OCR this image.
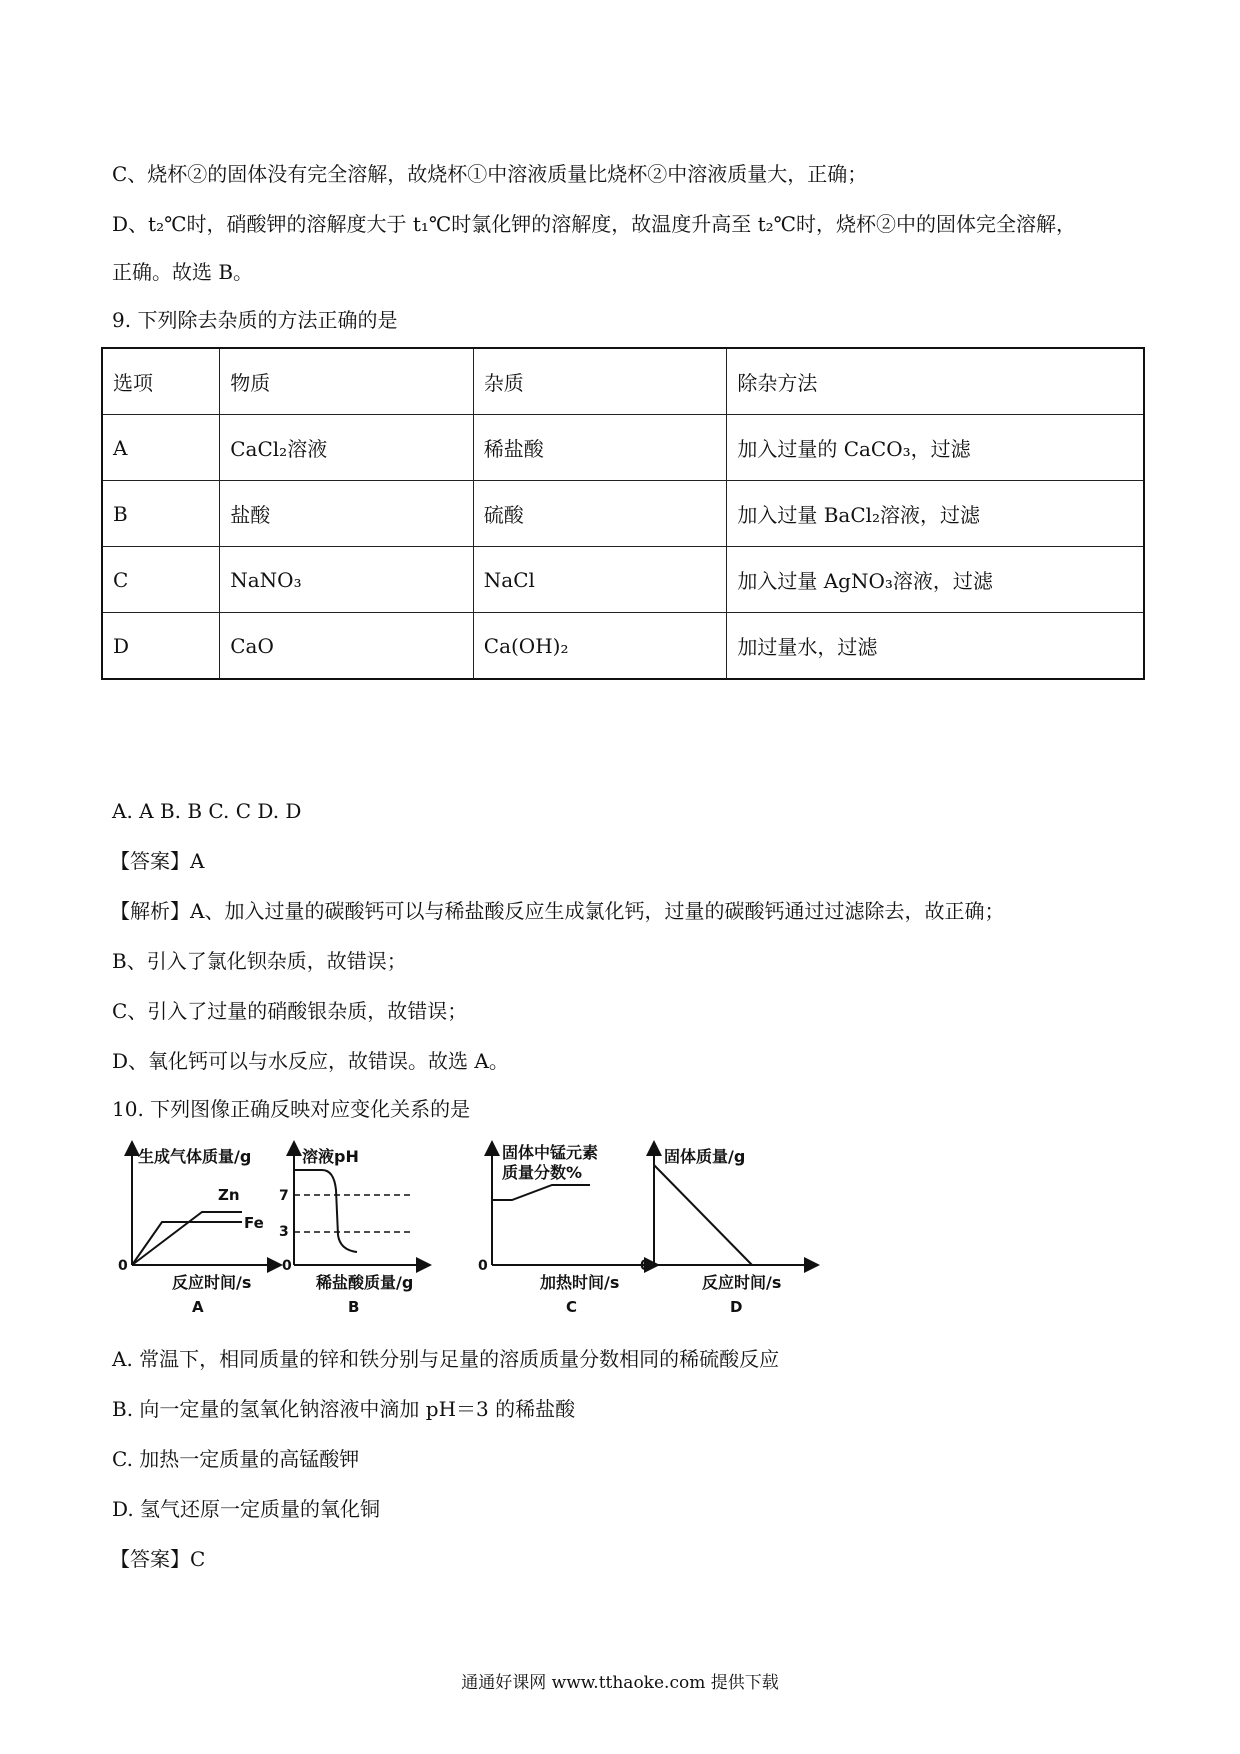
C、烧杯②的固体没有完全溶解，故烧杯①中溶液质量比烧杯②中溶液质量大，正确；
D、t₂℃时，硝酸钾的溶解度大于 t₁℃时氯化钾的溶解度，故温度升高至 t₂℃时，烧杯②中的固体完全溶解，
正确。故选 B。
9. 下列除去杂质的方法正确的是
选项	物质	杂质	除杂方法
A	CaCl₂溶液	稀盐酸	加入过量的 CaCO₃，过滤
B	盐酸	硫酸	加入过量 BaCl₂溶液，过滤
C	NaNO₃	NaCl	加入过量 AgNO₃溶液，过滤
D	CaO	Ca(OH)₂	加过量水，过滤
A. A B. B C. C D. D
【答案】A
【解析】A、加入过量的碳酸钙可以与稀盐酸反应生成氯化钙，过量的碳酸钙通过过滤除去，故正确；
B、引入了氯化钡杂质，故错误；
C、引入了过量的硝酸银杂质，故错误；
D、氧化钙可以与水反应，故错误。故选 A。
10. 下列图像正确反映对应变化关系的是
生成气体质量/g
反应时间/s
A
0
Zn
Fe
溶液pH
稀盐酸质量/g
B
0
7
3
固体中锰元素
质量分数%
加热时间/s
C
0
固体质量/g
反应时间/s
D
0
A. 常温下，相同质量的锌和铁分别与足量的溶质质量分数相同的稀硫酸反应
B. 向一定量的氢氧化钠溶液中滴加 pH＝3 的稀盐酸
C. 加热一定质量的高锰酸钾
D. 氢气还原一定质量的氧化铜
【答案】C
通通好课网 www.tthaoke.com 提供下载
